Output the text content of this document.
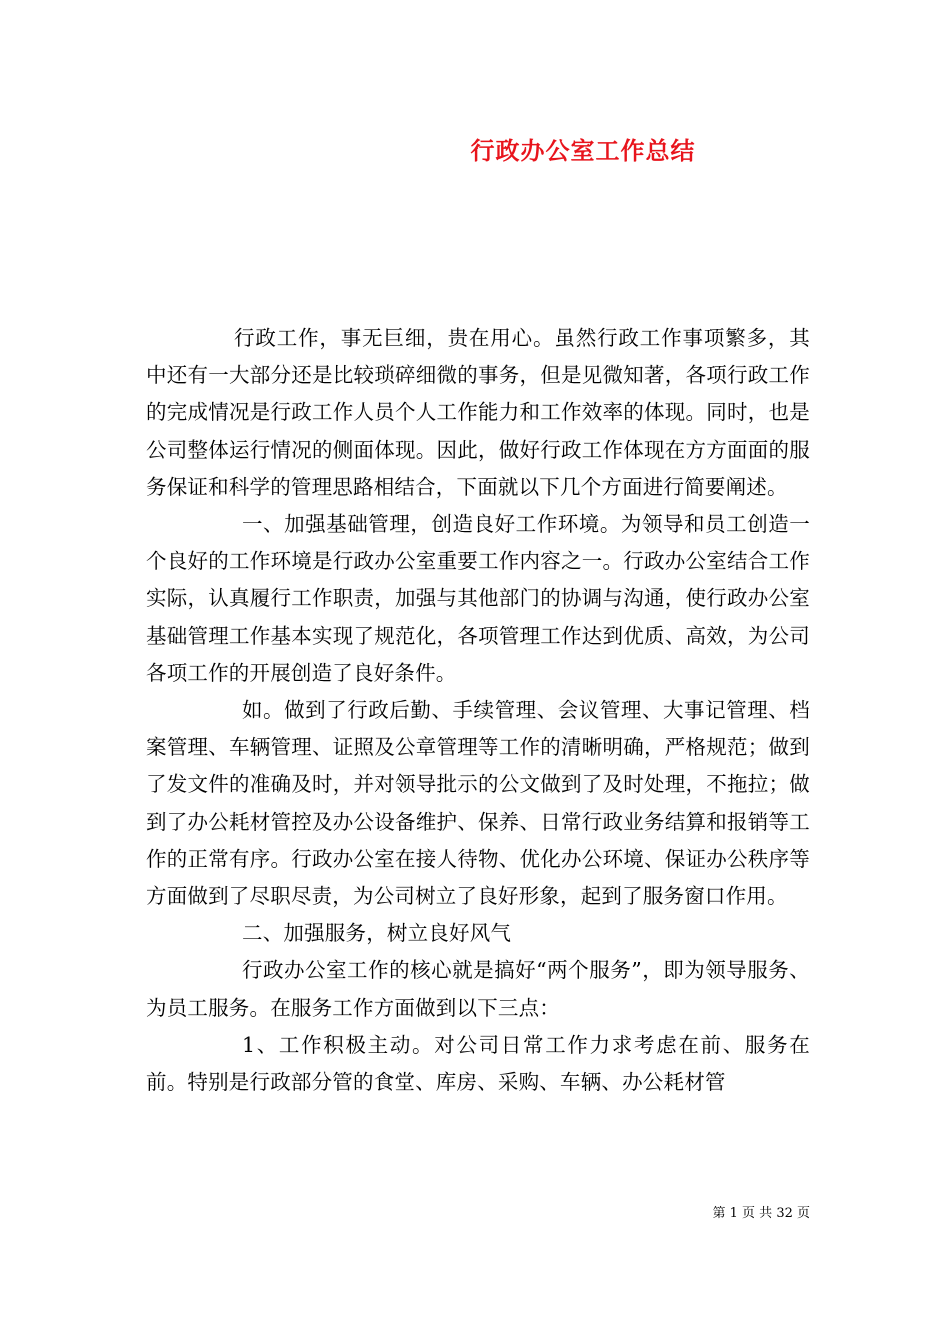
行政办公室工作总结

行政工作，事无巨细，贵在用心。虽然行政工作事项繁多，其中还有一大部分还是比较琐碎细微的事务，但是见微知著，各项行政工作的完成情况是行政工作人员个人工作能力和工作效率的体现。同时，也是公司整体运行情况的侧面体现。因此，做好行政工作体现在方方面面的服务保证和科学的管理思路相结合，下面就以下几个方面进行简要阐述。

一、加强基础管理，创造良好工作环境。为领导和员工创造一个良好的工作环境是行政办公室重要工作内容之一。行政办公室结合工作实际，认真履行工作职责，加强与其他部门的协调与沟通，使行政办公室基础管理工作基本实现了规范化，各项管理工作达到优质、高效，为公司各项工作的开展创造了良好条件。

如。做到了行政后勤、手续管理、会议管理、大事记管理、档案管理、车辆管理、证照及公章管理等工作的清晰明确，严格规范；做到了发文件的准确及时，并对领导批示的公文做到了及时处理，不拖拉；做到了办公耗材管控及办公设备维护、保养、日常行政业务结算和报销等工作的正常有序。行政办公室在接人待物、优化办公环境、保证办公秩序等方面做到了尽职尽责，为公司树立了良好形象，起到了服务窗口作用。

二、加强服务，树立良好风气

行政办公室工作的核心就是搞好“两个服务”，即为领导服务、为员工服务。在服务工作方面做到以下三点：

1、工作积极主动。对公司日常工作力求考虑在前、服务在前。特别是行政部分管的食堂、库房、采购、车辆、办公耗材管

第 1 页 共 32 页
